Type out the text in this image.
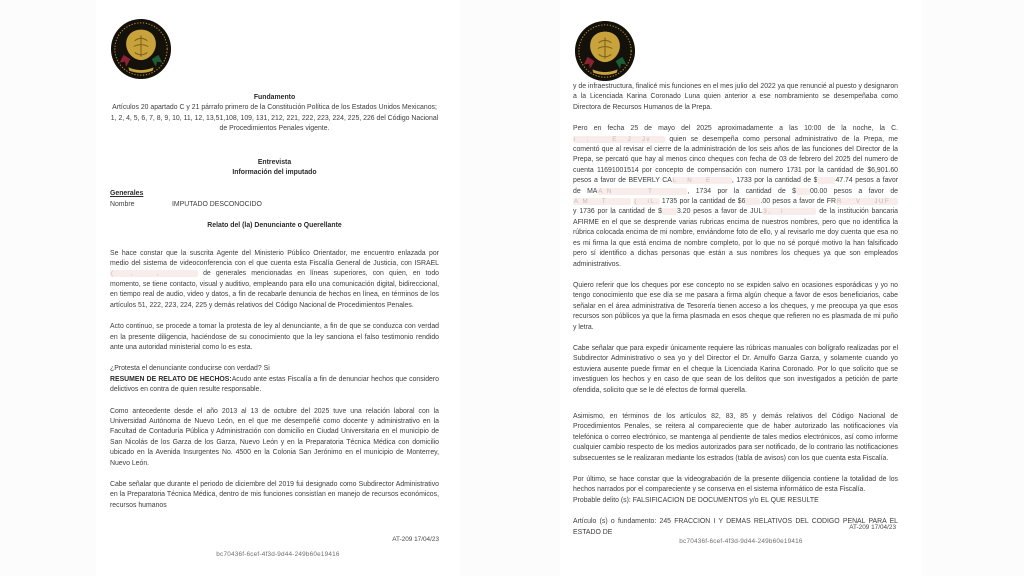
Fundamento
Artículos 20 apartado C y 21 párrafo primero de la Constitución Política de los Estados Unidos Mexicanos; 1, 2, 4, 5, 6, 7, 8, 9, 10, 11, 12, 13,51,108, 109, 131, 212, 221, 222, 223, 224, 225, 226 del Código Nacional de Procedimientos Penales vigente.
Entrevista
Información del imputado
Generales
Nombre	IMPUTADO DESCONOCIDO
Relato del (la) Denunciante o Querellante
Se hace constar que la suscrita Agente del Ministerio Público Orientador, me encuentro enlazada por medio del sistema de videoconferencia con el que cuenta esta Fiscalía General de Justicia, con ISRAEL (     ,       ,	de generales mencionadas en líneas superiores, con quien, en todo momento, se tiene contacto, visual y auditivo, empleando para ello una comunicación digital, bidireccional, en tiempo real de audio, video y datos, a fin de recabarle denuncia de hechos en línea, en términos de los artículos 51, 222, 223, 224, 225 y demás relativos del Código Nacional de Procedimientos Penales.
Acto continuo, se procede a tomar la protesta de ley al denunciante, a fin de que se conduzca con verdad en la presente diligencia, haciéndose de su conocimiento que la ley sanciona el falso testimonio rendido ante una autoridad ministerial como lo es esta.
¿Protesta el denunciante conducirse con verdad? Si
RESUMEN DE RELATO DE HECHOS:Acudo ante estas Fiscalía a fin de denunciar hechos que considero delictivos en contra de quien resulte responsable.
Como antecedente desde el año 2013 al 13 de octubre del 2025 tuve una relación laboral con la Universidad Autónoma de Nuevo León, en el que me desempeñé como docente y administrativo en la Facultad de Contaduría Pública y Administración con domicilio en Ciudad Universitaria en el municipio de San Nicolás de los Garza de los Garza, Nuevo León y en la Preparatoria Técnica Médica con domicilio ubicado en la Avenida Insurgentes No. 4500 en la Colonia San Jerónimo en el municipio de Monterrey, Nuevo León.
Cabe señalar que durante el periodo de diciembre del 2019 fui designado como Subdirector Administrativo en la Preparatoria Técnica Médica, dentro de mis funciones consistían en manejo de recursos económicos, recursos humanos
AT-209 17/04/23
bc70436f-6cef-4f3d-9d44-249b60e19416
y de infraestructura, finalicé mis funciones en el mes julio del 2022 ya que renuncié al puesto y designaron a la Licenciada Karina Coronado Luna quien anterior a ese nombramiento se desempeñaba como Directora de Recursos Humanos de la Prepa.
Pero en fecha 25 de mayo del 2025 aproximadamente a las 10:00 de la noche, la C. i   ;       E   J   Jv quien se desempeña como personal administrativo de la Prepa, me comentó que al revisar el cierre de la administración de los seis años de las funciones del Director de la Prepa, se percató que hay al menos cinco cheques con fecha de 03 de febrero del 2025 del numero de cuenta 11691001514 por concepto de compensación con numero 1731 por la cantidad de $6,901.60 pesos a favor de BEVERLY CAL   N    E	, 1733 por la cantidad de $	47.74 pesos a favor de MAA N           T	, 1734 por la cantidad de $ 00.00 pesos a favor de A M    T	(   iL. 1735 por la cantidad de $6 .00 pesos a favor de FRR    V    JUF y 1736 por la cantidad de $ 3.20 pesos a favor de JUL3,   i	de la institución bancaria AFIRME en el que se desprende varias rubricas encima de nuestros nombres, pero que no identifica la rúbrica colocada encima de mi nombre, enviándome foto de ello, y al revisarlo me doy cuenta que esa no es mi firma la que está encima de nombre completo, por lo que no sé porqué motivo la han falsificado pero sí identifico a dichas personas que están a sus nombres los cheques ya que son empleados administrativos.
Quiero referir que los cheques por ese concepto no se expiden salvo en ocasiones esporádicas y yo no tengo conocimiento que ese día se me pasara a firma algún cheque a favor de esos beneficiarios, cabe señalar en el área administrativa de Tesorería tienen acceso a los cheques, y me preocupa ya que esos recursos son públicos ya que la firma plasmada en esos cheque que refieren no es plasmada de mi puño y letra.
Cabe señalar que para expedir únicamente requiere las rúbricas manuales con bolígrafo realizadas por el Subdirector Administrativo o sea yo y del Director el Dr. Arnulfo Garza Garza, y solamente cuando yo estuviera ausente puede firmar en el cheque la Licenciada Karina Coronado. Por lo que solicito que se investiguen los hechos y en caso de que sean de los delitos que son investigados a petición de parte ofendida, solicito que se le dé efectos de formal querella.
Asimismo, en términos de los artículos 82, 83, 85 y demás relativos del Código Nacional de Procedimientos Penales, se reitera al compareciente que de haber autorizado las notificaciones vía telefónica o correo electrónico, se mantenga al pendiente de tales medios electrónicos, así como informe cualquier cambio respecto de los medios autorizados para ser notificado, de lo contrario las notificaciones subsecuentes se le realizaran mediante los estrados (tabla de avisos) con los que cuenta esta Fiscalía.
Por último, se hace constar que la videograbación de la presente diligencia contiene la totalidad de los hechos narrados por el compareciente y se conserva en el sistema informático de esta Fiscalía.
Probable delito (s): FALSIFICACION DE DOCUMENTOS y/o EL QUE RESULTE
Artículo (s) o fundamento: 245 FRACCION I Y DEMAS RELATIVOS DEL CODIGO PENAL PARA EL ESTADO DE
AT-209 17/04/23
bc70436f-6cef-4f3d-9d44-249b60e19416
